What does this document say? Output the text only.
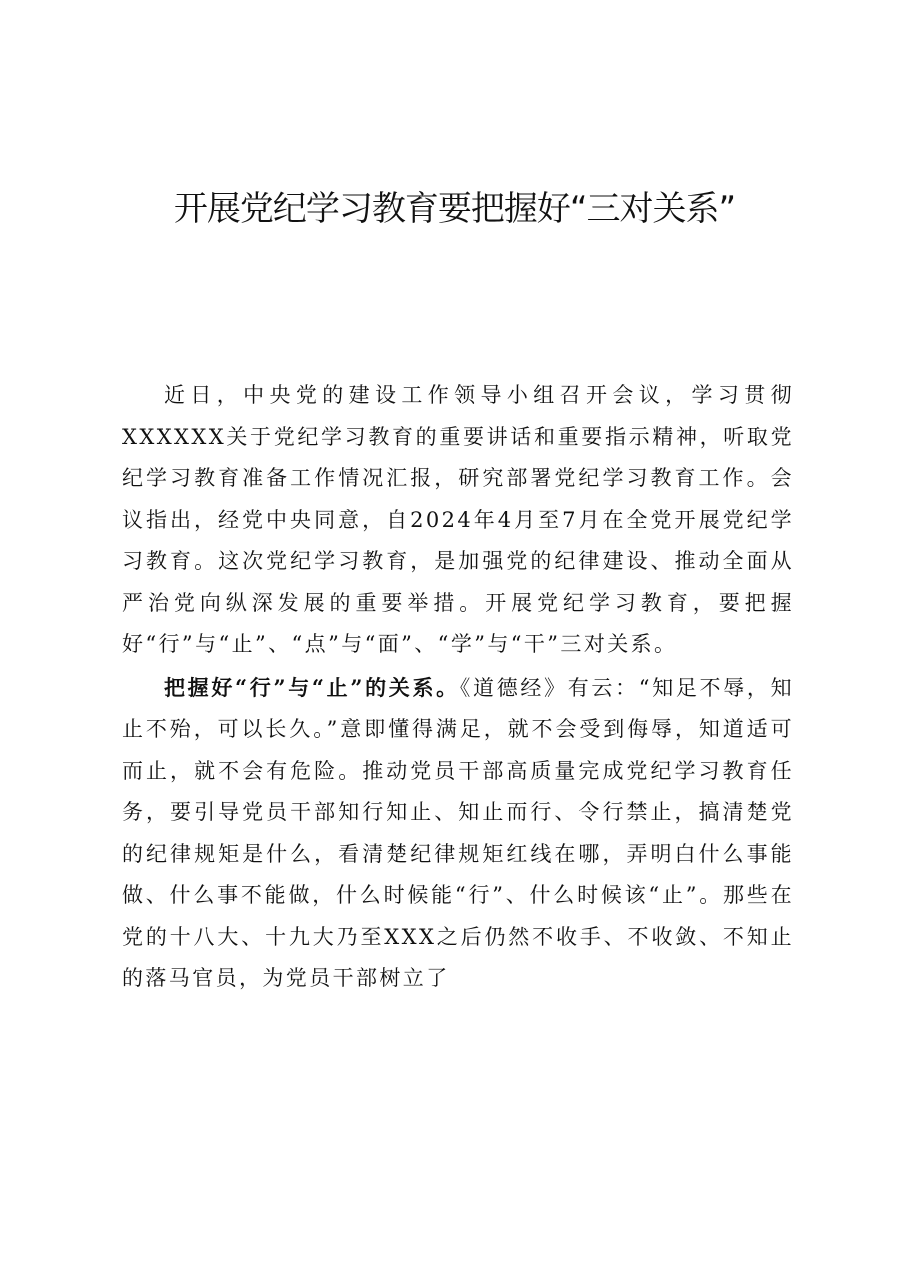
开展党纪学习教育要把握好“三对关系”

近日，中央党的建设工作领导小组召开会议，学习贯彻XXXXXX关于党纪学习教育的重要讲话和重要指示精神，听取党纪学习教育准备工作情况汇报，研究部署党纪学习教育工作。会议指出，经党中央同意，自2024年4月至7月在全党开展党纪学习教育。这次党纪学习教育，是加强党的纪律建设、推动全面从严治党向纵深发展的重要举措。开展党纪学习教育，要把握好“行”与“止”、“点”与“面”、“学”与“干”三对关系。

把握好“行”与“止”的关系。《道德经》有云：“知足不辱，知止不殆，可以长久。”意即懂得满足，就不会受到侮辱，知道适可而止，就不会有危险。推动党员干部高质量完成党纪学习教育任务，要引导党员干部知行知止、知止而行、令行禁止，搞清楚党的纪律规矩是什么，看清楚纪律规矩红线在哪，弄明白什么事能做、什么事不能做，什么时候能“行”、什么时候该“止”。那些在党的十八大、十九大乃至XXX之后仍然不收手、不收敛、不知止的落马官员，为党员干部树立了
